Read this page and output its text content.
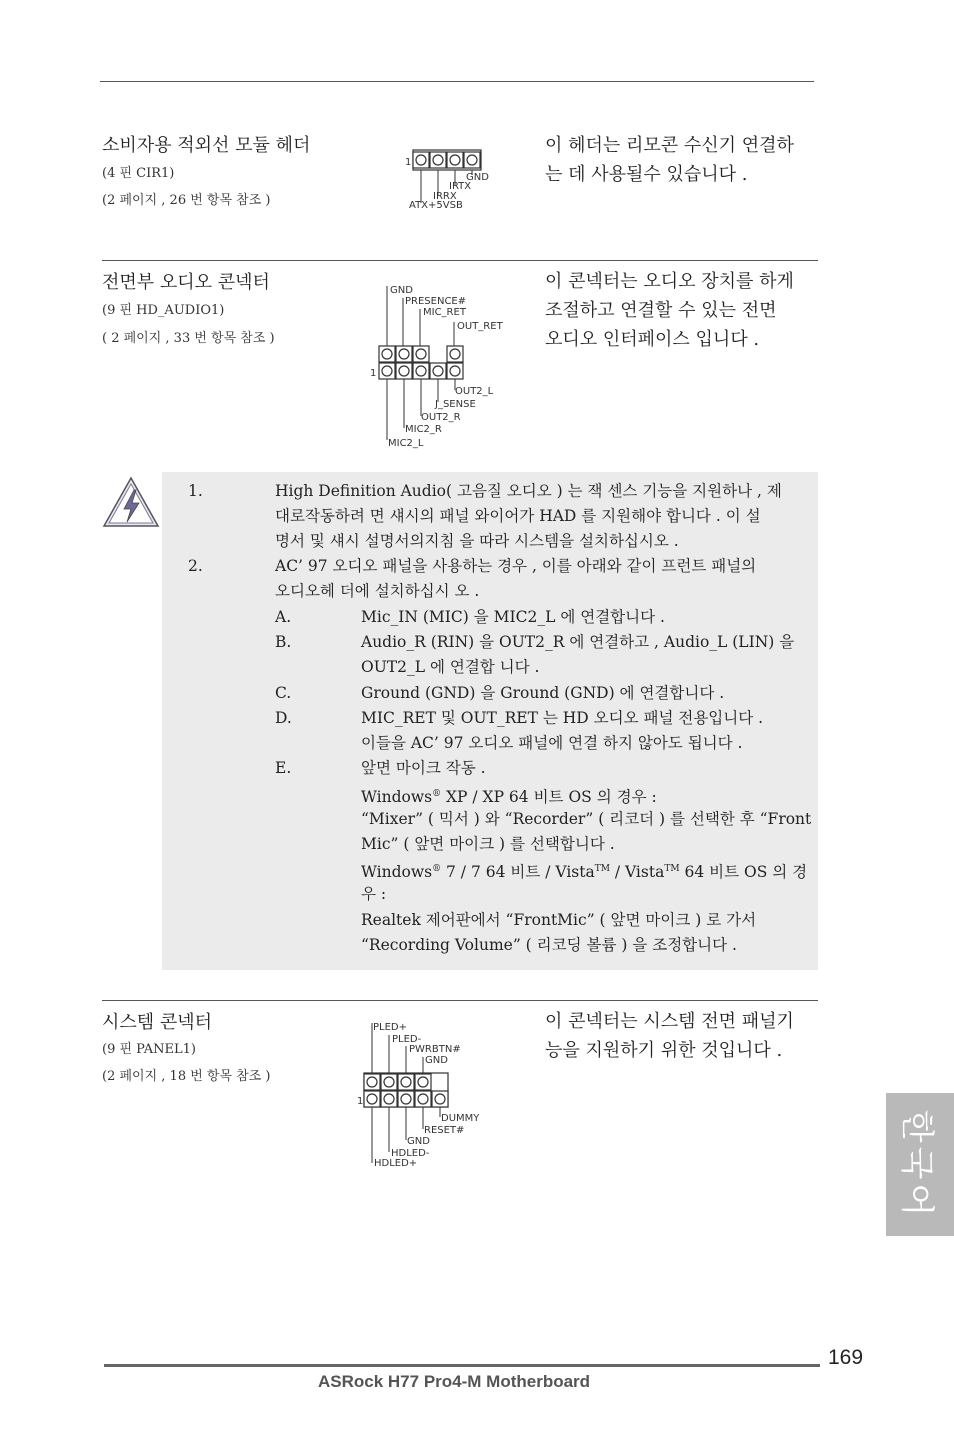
소비자용 적외선 모듈 헤더
(4 핀 CIR1)
(2 페이지 , 26 번 항목 참조 )
이 헤더는 리모콘 수신기 연결하
는 데 사용될수 있습니다 .
1
GND
IRTX
IRRX
ATX+5VSB
전면부 오디오 콘넥터
(9 핀 HD_AUDIO1)
( 2 페이지 , 33 번 항목 참조 )
이 콘넥터는 오디오 장치를 하게
조절하고 연결할 수 있는 전면
오디오 인터페이스 입니다 .
GND
PRESENCE#
MIC_RET
OUT_RET
1
OUT2_L
J_SENSE
OUT2_R
MIC2_R
MIC2_L
1.	High Definition Audio( 고음질 오디오 ) 는 잭 센스 기능을 지원하나 , 제
대로작동하려 면 섀시의 패널 와이어가 HAD 를 지원해야 합니다 . 이 설
명서 및 섀시 설명서의지침 을 따라 시스템을 설치하십시오 .
2.	AC’ 97 오디오 패널을 사용하는 경우 , 이를 아래와 같이 프런트 패널의
오디오헤 더에 설치하십시 오 .
A.	Mic_IN (MIC) 을 MIC2_L 에 연결합니다 .
B.	Audio_R (RIN) 을 OUT2_R 에 연결하고 , Audio_L (LIN) 을
OUT2_L 에 연결합 니다 .
C.	Ground (GND) 을 Ground (GND) 에 연결합니다 .
D.	MIC_RET 및 OUT_RET 는 HD 오디오 패널 전용입니다 .
이들을 AC’ 97 오디오 패널에 연결 하지 않아도 됩니다 .
E.	앞면 마이크 작동 .
Windows® XP / XP 64 비트 OS 의 경우 :
“Mixer” ( 믹서 ) 와 “Recorder” ( 리코더 ) 를 선택한 후 “Front
Mic” ( 앞면 마이크 ) 를 선택합니다 .
Windows® 7 / 7 64 비트 / Vista™ / Vista™ 64 비트 OS 의 경
우 :
Realtek 제어판에서 “FrontMic” ( 앞면 마이크 ) 로 가서
“Recording Volume” ( 리코딩 볼륨 ) 을 조정합니다 .
시스템 콘넥터
(9 핀 PANEL1)
(2 페이지 , 18 번 항목 참조 )
이 콘넥터는 시스템 전면 패널기
능을 지원하기 위한 것입니다 .
PLED+
PLED-
PWRBTN#
GND
1
DUMMY
RESET#
GND
HDLED-
HDLED+	한국어
169
ASRock H77 Pro4-M Motherboard
